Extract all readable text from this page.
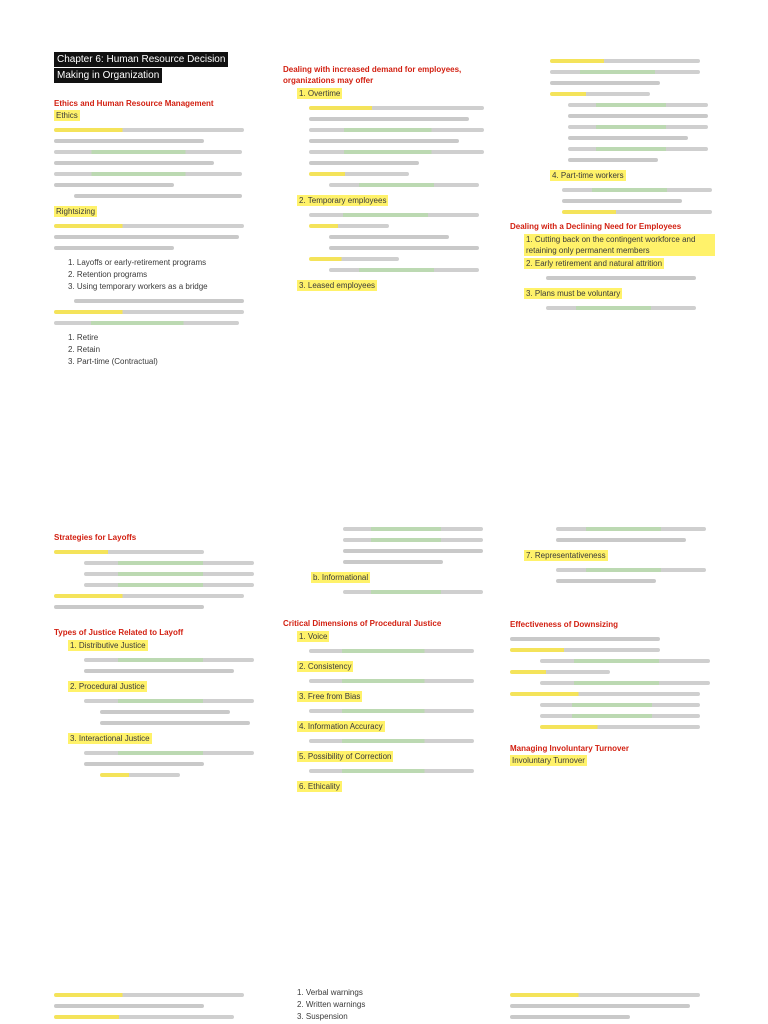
Chapter 6: Human Resource Decision
Making in Organization
Ethics and Human Resource Management
Ethics
Rightsizing
1. Layoffs or early-retirement programs
2. Retention programs
3. Using temporary workers as a bridge
1. Retire
2. Retain
3. Part-time (Contractual)
Dealing with increased demand for employees, organizations may offer
1. Overtime
2. Temporary employees
3. Leased employees
4. Part-time workers
Dealing with a Declining Need for Employees
1. Cutting back on the contingent workforce and retaining only permanent members
2. Early retirement and natural attrition
3. Plans must be voluntary
Strategies for Layoffs
Types of Justice Related to Layoff
1. Distributive Justice
2. Procedural Justice
3. Interactional Justice
b. Informational
Critical Dimensions of Procedural Justice
1. Voice
2. Consistency
3. Free from Bias
4. Information Accuracy
5. Possibility of Correction
6. Ethicality
7. Representativeness
Effectiveness of Downsizing
Managing Involuntary Turnover
Involuntary Turnover
1. Verbal warnings
2. Written warnings
3. Suspension
